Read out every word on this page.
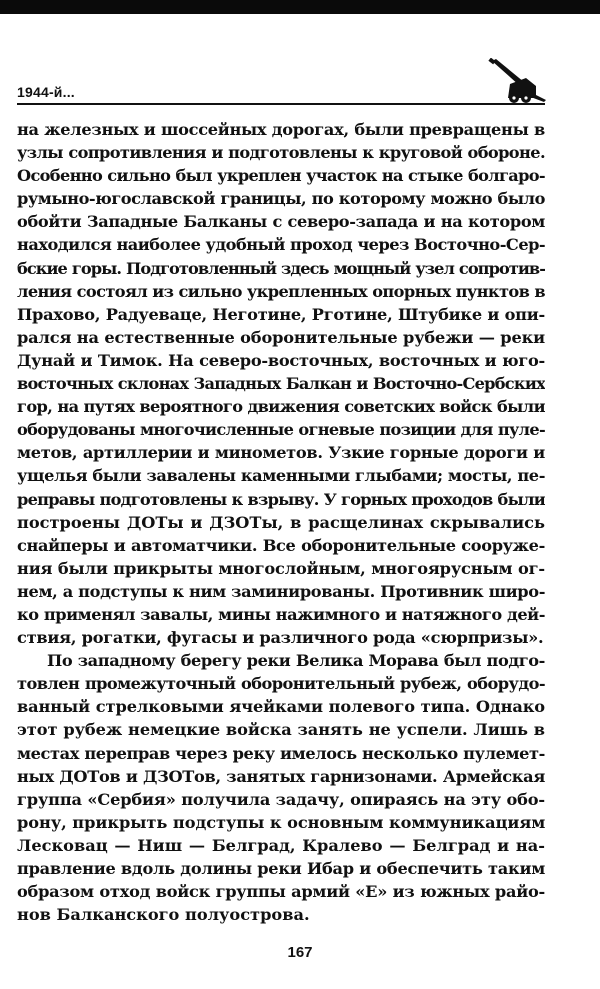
1944-й...
на железных и шоссейных дорогах, были превращены в
узлы сопротивления и подготовлены к круговой обороне.
Особенно сильно был укреплен участок на стыке болгаро-
румыно-югославской границы, по которому можно было
обойти Западные Балканы с северо-запада и на котором
находился наиболее удобный проход через Восточно-Сер-
бские горы. Подготовленный здесь мощный узел сопротив-
ления состоял из сильно укрепленных опорных пунктов в
Прахово, Радуеваце, Неготине, Рготине, Штубике и опи-
рался на естественные оборонительные рубежи — реки
Дунай и Тимок. На северо-восточных, восточных и юго-
восточных склонах Западных Балкан и Восточно-Сербских
гор, на путях вероятного движения советских войск были
оборудованы многочисленные огневые позиции для пуле-
метов, артиллерии и минометов. Узкие горные дороги и
ущелья были завалены каменными глыбами; мосты, пе-
реправы подготовлены к взрыву. У горных проходов были
построены ДОТы и ДЗОТы, в расщелинах скрывались
снайперы и автоматчики. Все оборонительные сооруже-
ния были прикрыты многослойным, многоярусным ог-
нем, а подступы к ним заминированы. Противник широ-
ко применял завалы, мины нажимного и натяжного дей-
ствия, рогатки, фугасы и различного рода «сюрпризы».
По западному берегу реки Велика Морава был подго-
товлен промежуточный оборонительный рубеж, оборудо-
ванный стрелковыми ячейками полевого типа. Однако
этот рубеж немецкие войска занять не успели. Лишь в
местах переправ через реку имелось несколько пулемет-
ных ДОТов и ДЗОТов, занятых гарнизонами. Армейская
группа «Сербия» получила задачу, опираясь на эту обо-
рону, прикрыть подступы к основным коммуникациям
Лесковац — Ниш — Белград, Кралево — Белград и на-
правление вдоль долины реки Ибар и обеспечить таким
образом отход войск группы армий «Е» из южных райо-
нов Балканского полуострова.
167
